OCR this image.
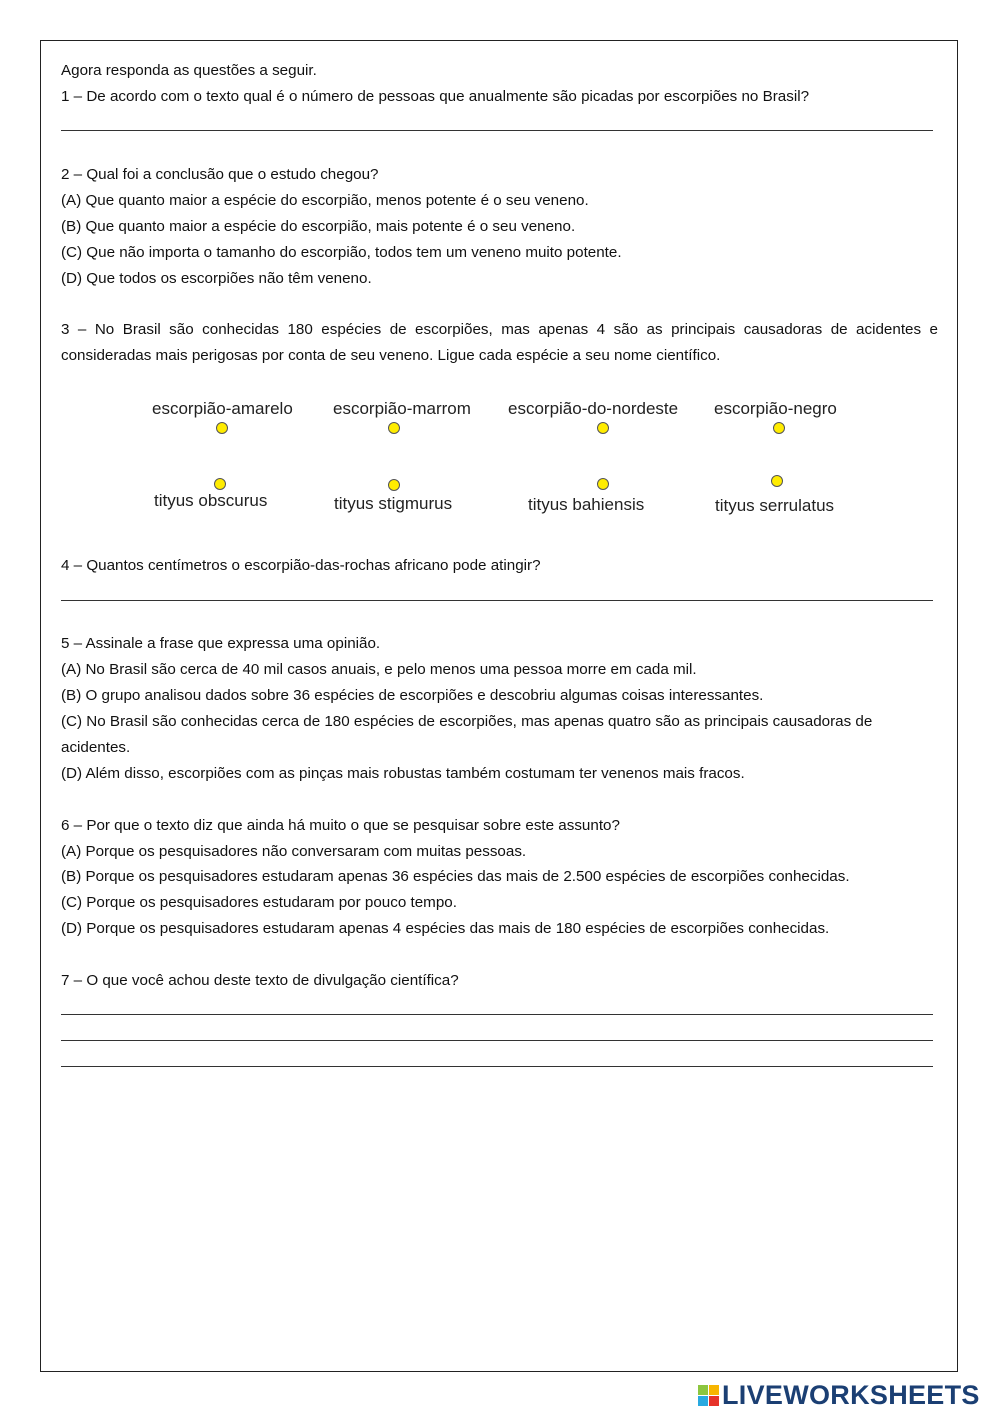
Agora responda as questões a seguir.
1 – De acordo com o texto qual é o número de pessoas que anualmente são picadas por escorpiões no Brasil?
2 – Qual foi a conclusão que o estudo chegou?
(A) Que quanto maior a espécie do escorpião, menos potente é o seu veneno.
(B) Que quanto maior a espécie do escorpião, mais potente é o seu veneno.
(C) Que não importa o tamanho do escorpião, todos tem um veneno muito potente.
(D) Que todos os escorpiões não têm veneno.
3 – No Brasil são conhecidas 180 espécies de escorpiões, mas apenas 4 são as principais causadoras de acidentes e consideradas mais perigosas por conta de seu veneno. Ligue cada espécie a seu nome científico.
escorpião-amarelo escorpião-marrom escorpião-do-nordeste escorpião-negro
tityus obscurus	tityus stigmurus	tityus bahiensis	tityus serrulatus
4 – Quantos centímetros o escorpião-das-rochas africano pode atingir?
5 – Assinale a frase que expressa uma opinião.
(A) No Brasil são cerca de 40 mil casos anuais, e pelo menos uma pessoa morre em cada mil.
(B) O grupo analisou dados sobre 36 espécies de escorpiões e descobriu algumas coisas interessantes.
(C) No Brasil são conhecidas cerca de 180 espécies de escorpiões, mas apenas quatro são as principais causadoras de acidentes.
(D) Além disso, escorpiões com as pinças mais robustas também costumam ter venenos mais fracos.
6 – Por que o texto diz que ainda há muito o que se pesquisar sobre este assunto?
(A) Porque os pesquisadores não conversaram com muitas pessoas.
(B) Porque os pesquisadores estudaram apenas 36 espécies das mais de 2.500 espécies de escorpiões conhecidas.
(C) Porque os pesquisadores estudaram por pouco tempo.
(D) Porque os pesquisadores estudaram apenas 4 espécies das mais de 180 espécies de escorpiões conhecidas.
7 – O que você achou deste texto de divulgação científica?
LIVEWORKSHEETS
